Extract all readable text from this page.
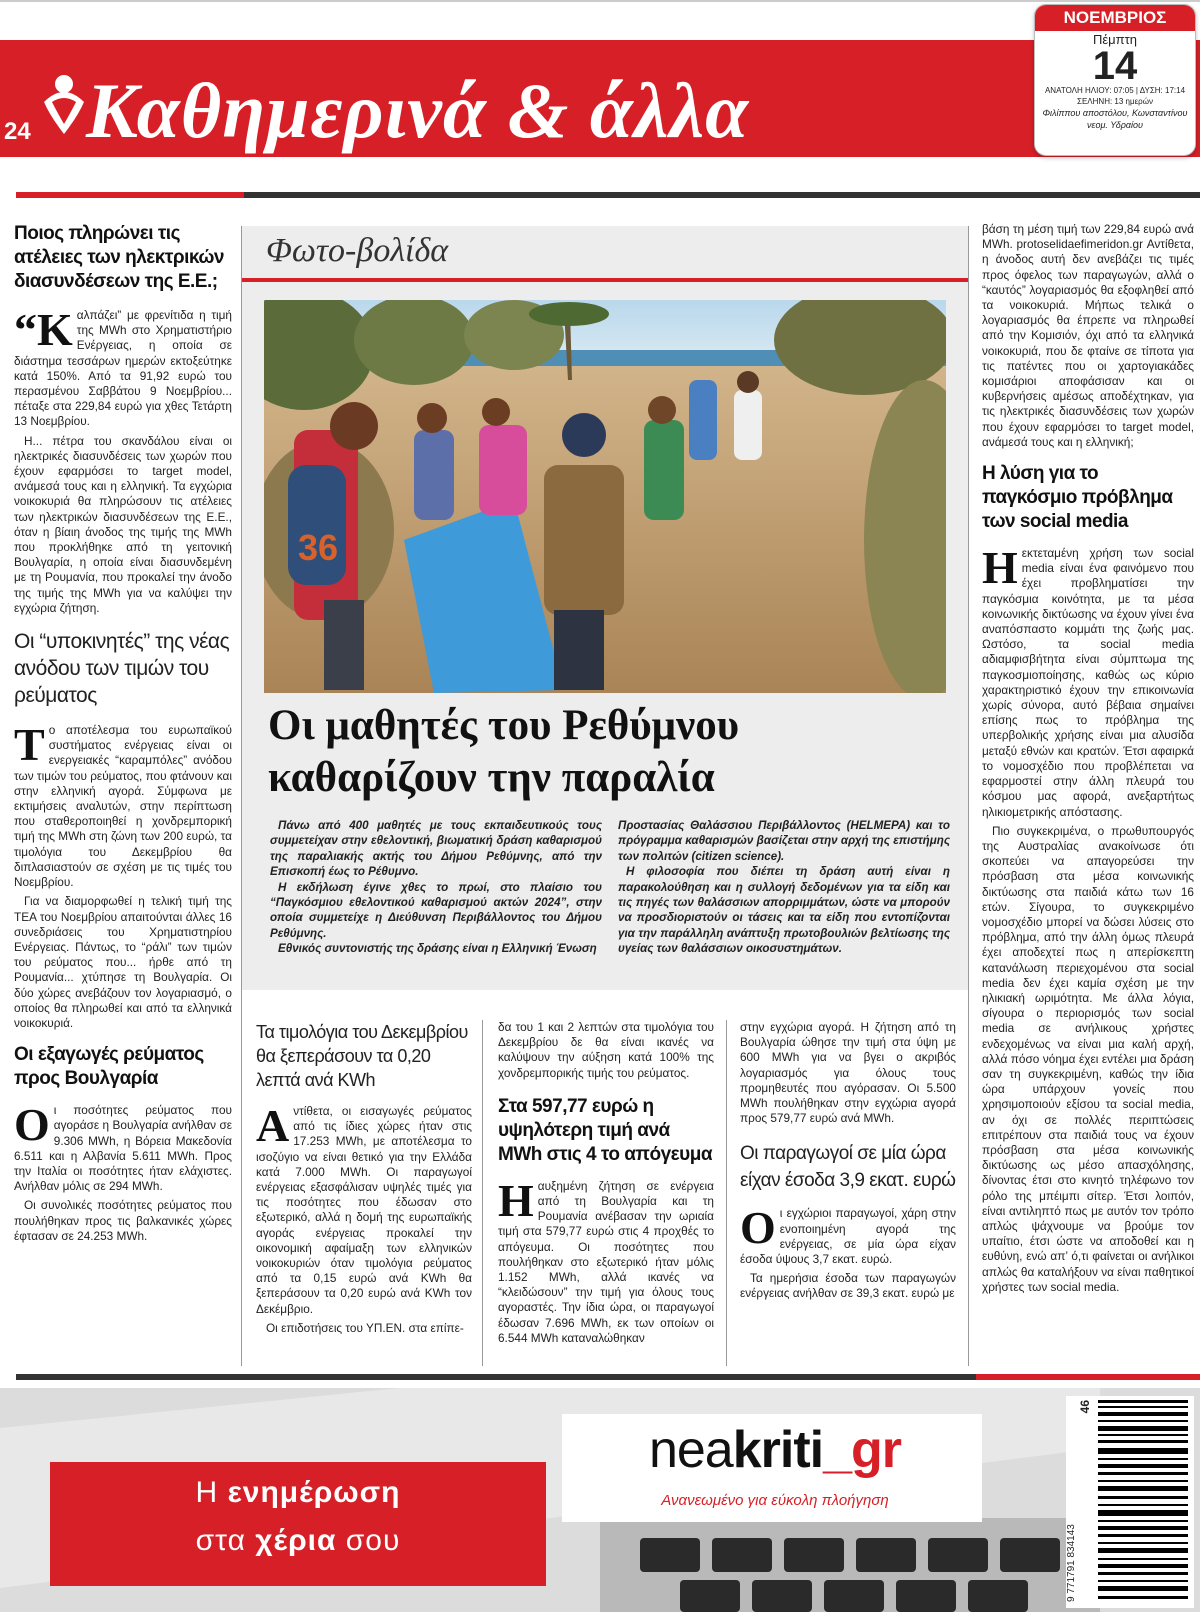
24 Καθημερινά & άλλα
ΝΟΕΜΒΡΙΟΣ
Πέμπτη
14
ΑΝΑΤΟΛΗ ΗΛΙΟΥ: 07:05 | ΔΥΣΗ: 17:14
ΣΕΛΗΝΗ: 13 ημερών
Φιλίππου αποστόλου, Κωνσταντίνου νεομ. Υδραίου
Ποιος πληρώνει τις ατέλειες των ηλεκτρικών διασυνδέσεων της Ε.Ε.;

“Καλπάζει” με φρενίτιδα η τιμή της MWh στο Χρηματιστήριο Ενέργειας, η οποία σε διάστημα τεσσάρων ημερών εκτοξεύτηκε κατά 150%. Από τα 91,92 ευρώ του περασμένου Σαββάτου 9 Νοεμβρίου... πέταξε στα 229,84 ευρώ για χθες Τετάρτη 13 Νοεμβρίου.

Η... πέτρα του σκανδάλου είναι οι ηλεκτρικές διασυνδέσεις των χωρών που έχουν εφαρμόσει το target model, ανάμεσά τους και η ελληνική. Τα εγχώρια νοικοκυριά θα πληρώσουν τις ατέλειες των ηλεκτρικών διασυνδέσεων της Ε.Ε., όταν η βίαιη άνοδος της τιμής της MWh που προκλήθηκε από τη γειτονική Βουλγαρία, η οποία είναι διασυνδεμένη με τη Ρουμανία, που προκαλεί την άνοδο της τιμής της MWh για να καλύψει την εγχώρια ζήτηση.

Οι “υποκινητές” της νέας ανόδου των τιμών του ρεύματος

Το αποτέλεσμα του ευρωπαϊκού συστήματος ενέργειας είναι οι ενεργειακές “καραμπόλες” ανόδου των τιμών του ρεύματος, που φτάνουν και στην ελληνική αγορά. Σύμφωνα με εκτιμήσεις αναλυτών, στην περίπτωση που σταθεροποιηθεί η χονδρεμπορική τιμή της MWh στη ζώνη των 200 ευρώ, τα τιμολόγια του Δεκεμβρίου θα διπλασιαστούν σε σχέση με τις τιμές του Νοεμβρίου.

Για να διαμορφωθεί η τελική τιμή της ΤΕΑ του Νοεμβρίου απαιτούνται άλλες 16 συνεδριάσεις του Χρηματιστηρίου Ενέργειας. Πάντως, το “ράλι” των τιμών του ρεύματος που... ήρθε από τη Ρουμανία... χτύπησε τη Βουλγαρία. Οι δύο χώρες ανεβάζουν τον λογαριασμό, ο οποίος θα πληρωθεί και από τα ελληνικά νοικοκυριά.

Οι εξαγωγές ρεύματος προς Βουλγαρία

Οι ποσότητες ρεύματος που αγοράσε η Βουλγαρία ανήλθαν σε 9.306 MWh, η Βόρεια Μακεδονία 6.511 και η Αλβανία 5.611 MWh. Προς την Ιταλία οι ποσότητες ήταν ελάχιστες. Ανήλθαν μόλις σε 294 MWh.

Οι συνολικές ποσότητες ρεύματος που πουλήθηκαν προς τις βαλκανικές χώρες έφτασαν σε 24.253 MWh.

Φωτο-βολίδα
36
Οι μαθητές του Ρεθύμνου
καθαρίζουν την παραλία

Πάνω από 400 μαθητές με τους εκπαιδευτικούς τους συμμετείχαν στην εθελοντική, βιωματική δράση καθαρισμού της παραλιακής ακτής του Δήμου Ρεθύμνης, από την Επισκοπή έως το Ρέθυμνο.

Η εκδήλωση έγινε χθες το πρωί, στο πλαίσιο του “Παγκόσμιου εθελοντικού καθαρισμού ακτών 2024”, στην οποία συμμετείχε η Διεύθυνση Περιβάλλοντος του Δήμου Ρεθύμνης.

Εθνικός συντονιστής της δράσης είναι η Ελληνική Ένωση

Προστασίας Θαλάσσιου Περιβάλλοντος (HELMEPA) και το πρόγραμμα καθαρισμών βασίζεται στην αρχή της επιστήμης των πολιτών (citizen science).

Η φιλοσοφία που διέπει τη δράση αυτή είναι η παρακολούθηση και η συλλογή δεδομένων για τα είδη και τις πηγές των θαλάσσιων απορριμμάτων, ώστε να μπορούν να προσδιοριστούν οι τάσεις και τα είδη που εντοπίζονται για την παράλληλη ανάπτυξη πρωτοβουλιών βελτίωσης της υγείας των θαλάσσιων οικοσυστημάτων.

Τα τιμολόγια του Δεκεμβρίου θα ξεπεράσουν τα 0,20 λεπτά ανά KWh

Αντίθετα, οι εισαγωγές ρεύματος από τις ίδιες χώρες ήταν στις 17.253 MWh, με αποτέλεσμα το ισοζύγιο να είναι θετικό για την Ελλάδα κατά 7.000 MWh. Οι παραγωγοί ενέργειας εξασφάλισαν υψηλές τιμές για τις ποσότητες που έδωσαν στο εξωτερικό, αλλά η δομή της ευρωπαϊκής αγοράς ενέργειας προκαλεί την οικονομική αφαίμαξη των ελληνικών νοικοκυριών όταν τιμολόγια ρεύματος από τα 0,15 ευρώ ανά KWh θα ξεπεράσουν τα 0,20 ευρώ ανά KWh τον Δεκέμβριο.

Οι επιδοτήσεις του ΥΠ.ΕΝ. στα επίπε-

δα του 1 και 2 λεπτών στα τιμολόγια του Δεκεμβρίου δε θα είναι ικανές να καλύψουν την αύξηση κατά 100% της χονδρεμπορικής τιμής του ρεύματος.

Στα 597,77 ευρώ η υψηλότερη τιμή ανά MWh στις 4 το απόγευμα

Η αυξημένη ζήτηση σε ενέργεια από τη Βουλγαρία και τη Ρουμανία ανέβασαν την ωριαία τιμή στα 579,77 ευρώ στις 4 πρoχθές το απόγευμα. Οι ποσότητες που πουλήθηκαν στο εξωτερικό ήταν μόλις 1.152 MWh, αλλά ικανές να “κλειδώσουν” την τιμή για όλους τους αγοραστές. Την ίδια ώρα, οι παραγωγοί έδωσαν 7.696 MWh, εκ των οποίων οι 6.544 MWh καταναλώθηκαν

στην εγχώρια αγορά. Η ζήτηση από τη Βουλγαρία ώθησε την τιμή στα ύψη με 600 MWh για να βγει ο ακριβός λογαριασμός για όλους τους προμηθευτές που αγόρασαν. Οι 5.500 MWh πουλήθηκαν στην εγχώρια αγορά προς 579,77 ευρώ ανά MWh.

Οι παραγωγοί σε μία ώρα είχαν έσοδα 3,9 εκατ. ευρώ

Οι εγχώριοι παραγωγοί, χάρη στην ενοποιημένη αγορά της ενέργειας, σε μία ώρα είχαν έσοδα ύψους 3,7 εκατ. ευρώ.

Τα ημερήσια έσοδα των παραγωγών ενέργειας ανήλθαν σε 39,3 εκατ. ευρώ με

βάση τη μέση τιμή των 229,84 ευρώ ανά MWh. protoselidaefimeridon.gr Αντίθετα, η άνοδος αυτή δεν ανεβάζει τις τιμές προς όφελος των παραγωγών, αλλά ο “καυτός” λογαριασμός θα εξοφληθεί από τα νοικοκυριά. Μήπως τελικά ο λογαριασμός θα έπρεπε να πληρωθεί από την Κομισιόν, όχι από τα ελληνικά νοικοκυριά, που δε φταίνε σε τίποτα για τις πατέντες που οι χαρτογιακάδες κομισάριοι αποφάσισαν και οι κυβερνήσεις αμέσως αποδέχτηκαν, για τις ηλεκτρικές διασυνδέσεις των χωρών που έχουν εφαρμόσει το target model, ανάμεσά τους και η ελληνική;

Η λύση για το παγκόσμιο πρόβλημα των social media

Η εκτεταμένη χρήση των social media είναι ένα φαινόμενο που έχει προβληματίσει την παγκόσμια κοινότητα, με τα μέσα κοινωνικής δικτύωσης να έχουν γίνει ένα αναπόσπαστο κομμάτι της ζωής μας. Ωστόσο, τα social media αδιαμφισβήτητα είναι σύμπτωμα της παγκοσμιοποίησης, καθώς ως κύριο χαρακτηριστικό έχουν την επικοινωνία χωρίς σύνορα, αυτό βέβαια σημαίνει επίσης πως το πρόβλημα της υπερβολικής χρήσης είναι μια αλυσίδα μεταξύ εθνών και κρατών. Έτσι αφαιρκά το νομοσχέδιο που προβλέπεται να εφαρμοστεί στην άλλη πλευρά του κόσμου μας αφορά, ανεξαρτήτως ηλικιομετρικής απόστασης.

Πιο συγκεκριμένα, ο πρωθυπουργός της Αυστραλίας ανακοίνωσε ότι σκοπεύει να απαγορεύσει την πρόσβαση στα μέσα κοινωνικής δικτύωσης στα παιδιά κάτω των 16 ετών. Σίγουρα, το συγκεκριμένο νομοσχέδιο μπορεί να δώσει λύσεις στο πρόβλημα, από την άλλη όμως πλευρά έχει αποδεχτεί πως η απερίσκεπτη κατανάλωση περιεχομένου στα social media δεν έχει καμία σχέση με την ηλικιακή ωριμότητα. Με άλλα λόγια, σίγουρα ο περιορισμός των social media σε ανήλικους χρήστες ενδεχομένως να είναι μια καλή αρχή, αλλά πόσο νόημα έχει εντέλει μια δράση σαν τη συγκεκριμένη, καθώς την ίδια ώρα υπάρχουν γονείς που χρησιμοποιούν εξίσου τα social media, αν όχι σε πολλές περιπτώσεις επιτρέπουν στα παιδιά τους να έχουν πρόσβαση στα μέσα κοινωνικής δικτύωσης ως μέσο απασχόλησης, δίνοντας έτσι στο κινητό τηλέφωνο τον ρόλο της μπέιμπι σίτερ. Έτσι λοιπόν, είναι αντιληπτό πως με αυτόν τον τρόπο απλώς ψάχνουμε να βρούμε τον υπαίτιο, έτσι ώστε να αποδοθεί και η ευθύνη, ενώ απ’ ό,τι φαίνεται οι ανήλικοι απλώς θα καταλήξουν να είναι παθητικοί χρήστες των social media.

Η ενημέρωση
στα χέρια σου
neakriti_gr
Ανανεωμένο για εύκολη πλοήγηση
9 771791 834143
46
